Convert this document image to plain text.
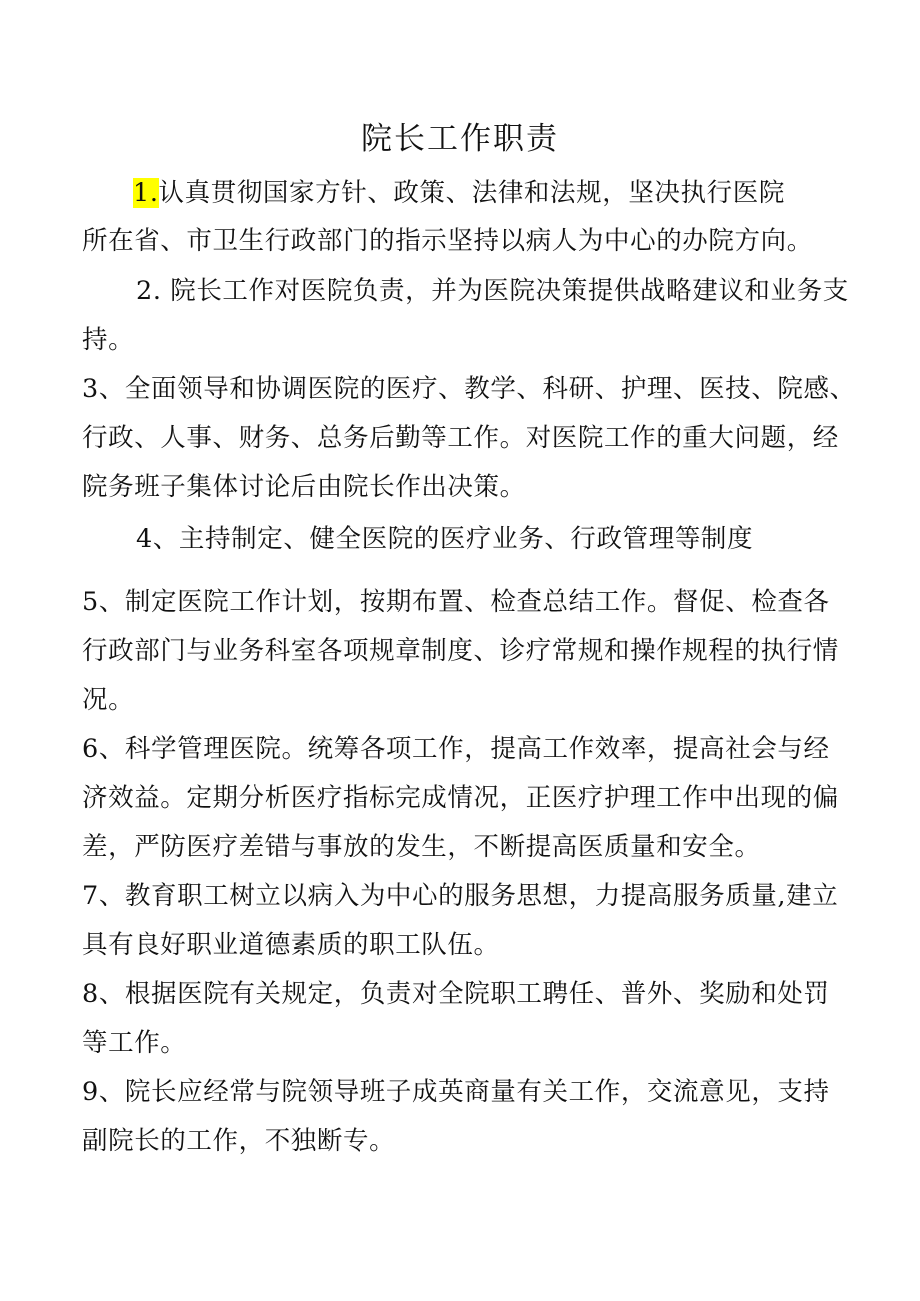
院长工作职责
1.认真贯彻国家方针、政策、法律和法规，坚决执行医院
所在省、市卫生行政部门的指示坚持以病人为中心的办院方向。
2. 院长工作对医院负责，并为医院决策提供战略建议和业务支
持。
3、全面领导和协调医院的医疗、教学、科研、护理、医技、院感、
行政、人事、财务、总务后勤等工作。对医院工作的重大问题，经
院务班子集体讨论后由院长作出决策。
4、主持制定、健全医院的医疗业务、行政管理等制度
5、制定医院工作计划，按期布置、检查总结工作。督促、检查各
行政部门与业务科室各项规章制度、诊疗常规和操作规程的执行情
况。
6、科学管理医院。统筹各项工作，提高工作效率，提高社会与经
济效益。定期分析医疗指标完成情况，正医疗护理工作中出现的偏
差，严防医疗差错与事放的发生，不断提高医质量和安全。
7、教育职工树立以病入为中心的服务思想，力提高服务质量,建立
具有良好职业道德素质的职工队伍。
8、根据医院有关规定，负责对全院职工聘任、普外、奖励和处罚
等工作。
9、院长应经常与院领导班子成英商量有关工作，交流意见，支持
副院长的工作，不独断专。
